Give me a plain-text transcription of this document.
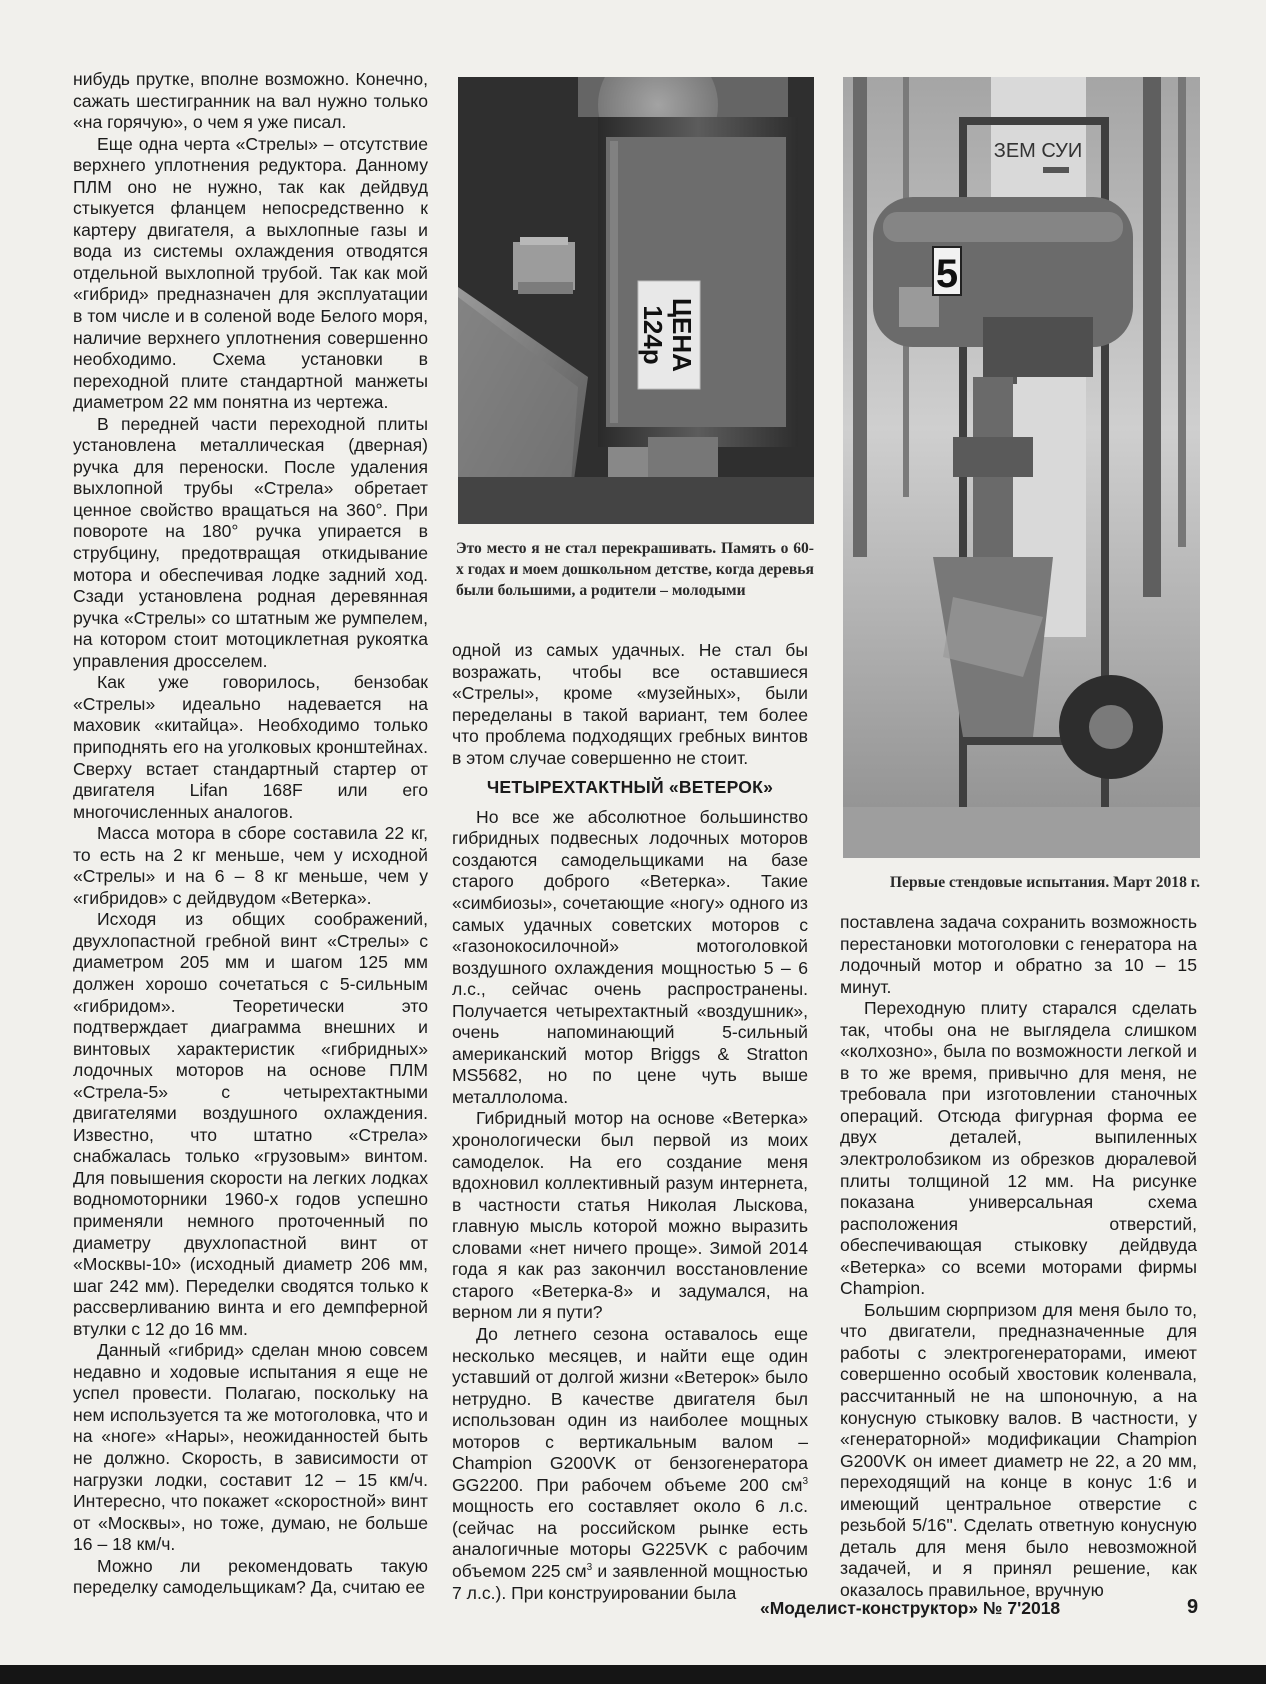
нибудь прутке, вполне возможно. Конечно, сажать шестигранник на вал нужно только «на горячую», о чем я уже писал.

Еще одна черта «Стрелы» – отсутствие верхнего уплотнения редуктора. Данному ПЛМ оно не нужно, так как дейдвуд стыкуется фланцем непосредственно к картеру двигателя, а выхлопные газы и вода из системы охлаждения отводятся отдельной выхлопной трубой. Так как мой «гибрид» предназначен для эксплуатации в том числе и в соленой воде Белого моря, наличие верхнего уплотнения совершенно необходимо. Схема установки в переходной плите стандартной манжеты диаметром 22 мм понятна из чертежа.

В передней части переходной плиты установлена металлическая (дверная) ручка для переноски. После удаления выхлопной трубы «Стрела» обретает ценное свойство вращаться на 360°. При повороте на 180° ручка упирается в струбцину, предотвращая откидывание мотора и обеспечивая лодке задний ход. Сзади установлена родная деревянная ручка «Стрелы» со штатным же румпелем, на котором стоит мотоциклетная рукоятка управления дросселем.

Как уже говорилось, бензобак «Стрелы» идеально надевается на маховик «китайца». Необходимо только приподнять его на уголковых кронштейнах. Сверху встает стандартный стартер от двигателя Lifan 168F или его многочисленных аналогов.

Масса мотора в сборе составила 22 кг, то есть на 2 кг меньше, чем у исходной «Стрелы» и на 6 – 8 кг меньше, чем у «гибридов» с дейдвудом «Ветерка».

Исходя из общих соображений, двухлопастной гребной винт «Стрелы» с диаметром 205 мм и шагом 125 мм должен хорошо сочетаться с 5-сильным «гибридом». Теоретически это подтверждает диаграмма внешних и винтовых характеристик «гибридных» лодочных моторов на основе ПЛМ «Стрела-5» с четырехтактными двигателями воздушного охлаждения. Известно, что штатно «Стрела» снабжалась только «грузовым» винтом. Для повышения скорости на легких лодках водномоторники 1960-х годов успешно применяли немного проточенный по диаметру двухлопастной винт от «Москвы-10» (исходный диаметр 206 мм, шаг 242 мм). Переделки сводятся только к рассверливанию винта и его демпферной втулки с 12 до 16 мм.

Данный «гибрид» сделан мною совсем недавно и ходовые испытания я еще не успел провести. Полагаю, поскольку на нем используется та же мотоголовка, что и на «ноге» «Нары», неожиданностей быть не должно. Скорость, в зависимости от нагрузки лодки, составит 12 – 15 км/ч. Интересно, что покажет «скоростной» винт от «Москвы», но тоже, думаю, не больше 16 – 18 км/ч.

Можно ли рекомендовать такую переделку самодельщикам? Да, считаю ее

ЦЕНА
124р
Это место я не стал перекрашивать. Память о 60-х годах и моем дошкольном детстве, когда деревья были большими, а родители – молодыми
ЗЕМ СУИ
5
Первые стендовые испытания. Март 2018 г.

одной из самых удачных. Не стал бы возражать, чтобы все оставшиеся «Стрелы», кроме «музейных», были переделаны в такой вариант, тем более что проблема подходящих гребных винтов в этом случае совершенно не стоит.

ЧЕТЫРЕХТАКТНЫЙ «ВЕТЕРОК»

Но все же абсолютное большинство гибридных подвесных лодочных моторов создаются самодельщиками на базе старого доброго «Ветерка». Такие «симбиозы», сочетающие «ногу» одного из самых удачных советских моторов с «газонокосилочной» мотоголовкой воздушного охлаждения мощностью 5 – 6 л.с., сейчас очень распространены. Получается четырехтактный «воздушник», очень напоминающий 5-сильный американский мотор Briggs & Stratton MS5682, но по цене чуть выше металлолома.

Гибридный мотор на основе «Ветерка» хронологически был первой из моих самоделок. На его создание меня вдохновил коллективный разум интернета, в частности статья Николая Лыскова, главную мысль которой можно выразить словами «нет ничего проще». Зимой 2014 года я как раз закончил восстановление старого «Ветерка-8» и задумался, на верном ли я пути?

До летнего сезона оставалось еще несколько месяцев, и найти еще один уставший от долгой жизни «Ветерок» было нетрудно. В качестве двигателя был использован один из наиболее мощных моторов с вертикальным валом – Champion G200VK от бензогенератора GG2200. При рабочем объеме 200 $см^3$ мощность его составляет около 6 л.с. (сейчас на российском рынке есть аналогичные моторы G225VK с рабочим объемом 225 $см^3$ и заявленной мощностью 7 л.с.). При конструировании была

поставлена задача сохранить возможность перестановки мотоголовки с генератора на лодочный мотор и обратно за 10 – 15 минут.

Переходную плиту старался сделать так, чтобы она не выглядела слишком «колхозно», была по возможности легкой и в то же время, привычно для меня, не требовала при изготовлении станочных операций. Отсюда фигурная форма ее двух деталей, выпиленных электролобзиком из обрезков дюралевой плиты толщиной 12 мм. На рисунке показана универсальная схема расположения отверстий, обеспечивающая стыковку дейдвуда «Ветерка» со всеми моторами фирмы Champion.

Большим сюрпризом для меня было то, что двигатели, предназначенные для работы с электрогенераторами, имеют совершенно особый хвостовик коленвала, рассчитанный не на шпоночную, а на конусную стыковку валов. В частности, у «генераторной» модификации Champion G200VK он имеет диаметр не 22, а 20 мм, переходящий на конце в конус 1:6 и имеющий центральное отверстие с резьбой 5/16". Сделать ответную конусную деталь для меня было невозможной задачей, и я принял решение, как оказалось правильное, вручную

«Моделист-конструктор» № 7'2018	9
